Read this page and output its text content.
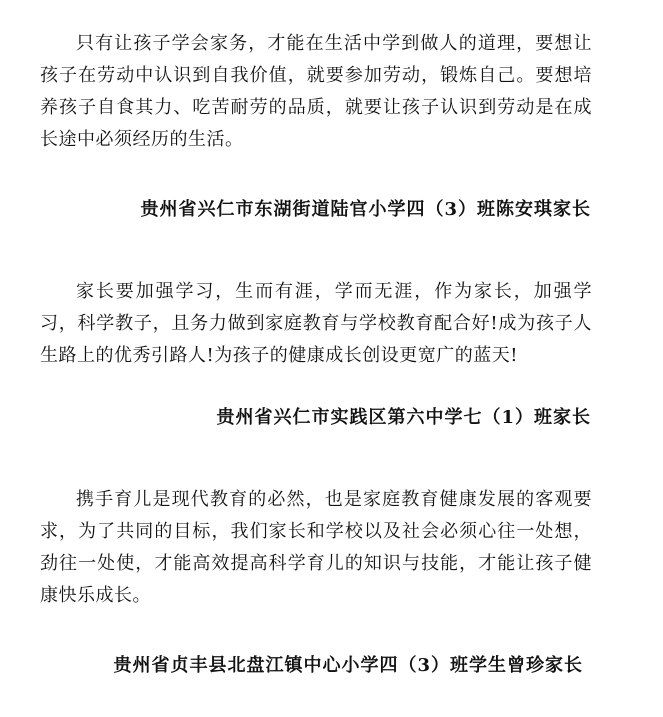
只有让孩子学会家务，才能在生活中学到做人的道理，要想让孩子在劳动中认识到自我价值，就要参加劳动，锻炼自己。要想培养孩子自食其力、吃苦耐劳的品质，就要让孩子认识到劳动是在成长途中必须经历的生活。

贵州省兴仁市东湖街道陆官小学四（3）班陈安琪家长

家长要加强学习，生而有涯，学而无涯，作为家长，加强学习，科学教子，且务力做到家庭教育与学校教育配合好!成为孩子人生路上的优秀引路人!为孩子的健康成长创设更宽广的蓝天!

贵州省兴仁市实践区第六中学七（1）班家长

携手育儿是现代教育的必然，也是家庭教育健康发展的客观要求，为了共同的目标，我们家长和学校以及社会必须心往一处想，劲往一处使，才能高效提高科学育儿的知识与技能，才能让孩子健康快乐成长。

贵州省贞丰县北盘江镇中心小学四（3）班学生曾珍家长
